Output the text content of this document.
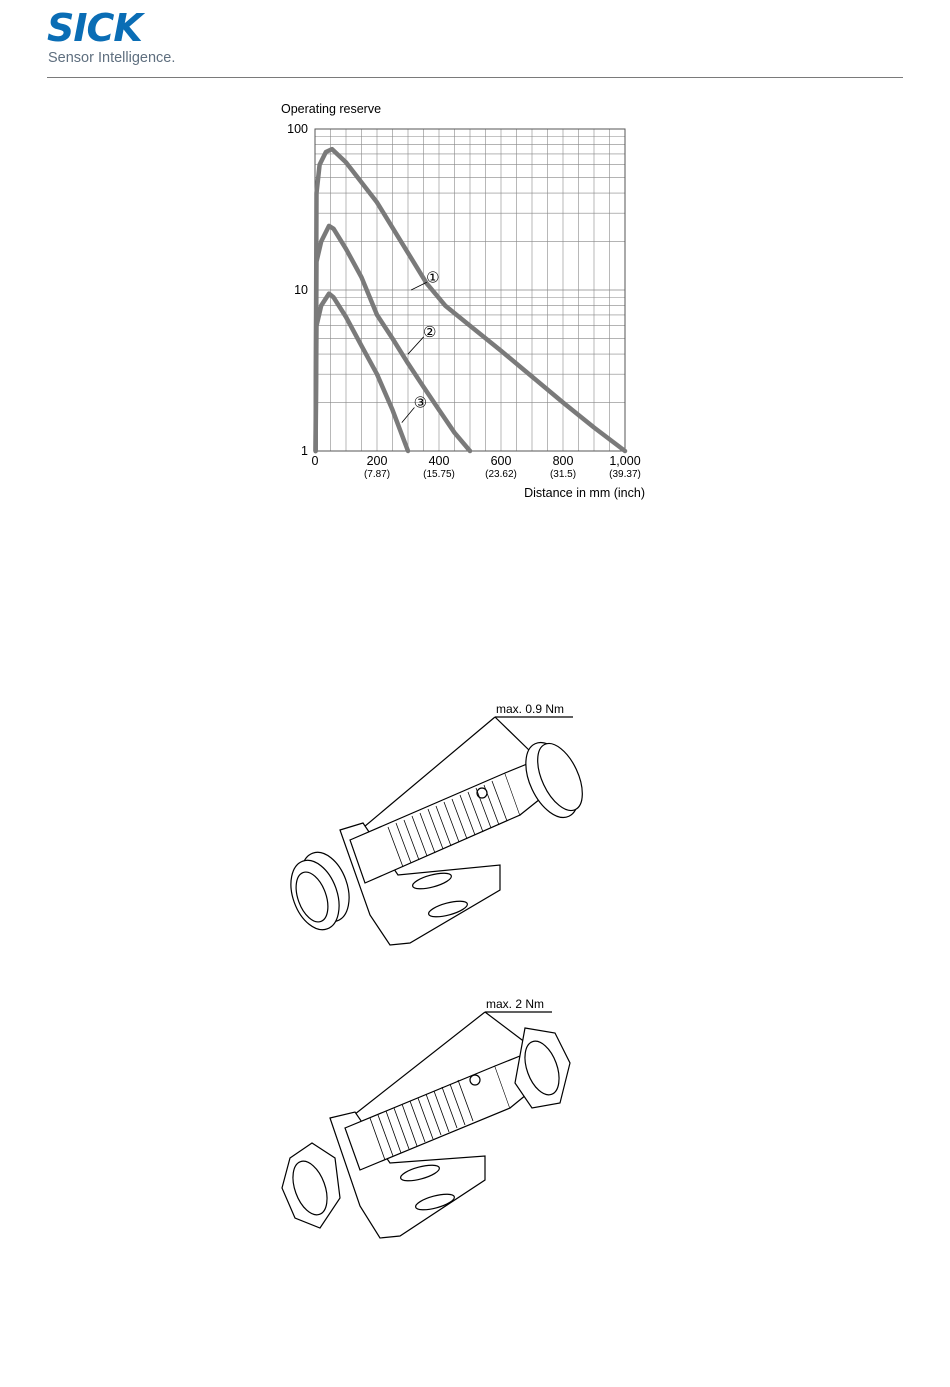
SICK
Sensor Intelligence.
Operating reserve
1
10
100
0	200
(7.87)
400
(15.75)
600
(23.62)
800
(31.5)
1,000
(39.37)
Distance in mm (inch)
①
②
③
max. 0.9 Nm
max. 2 Nm
